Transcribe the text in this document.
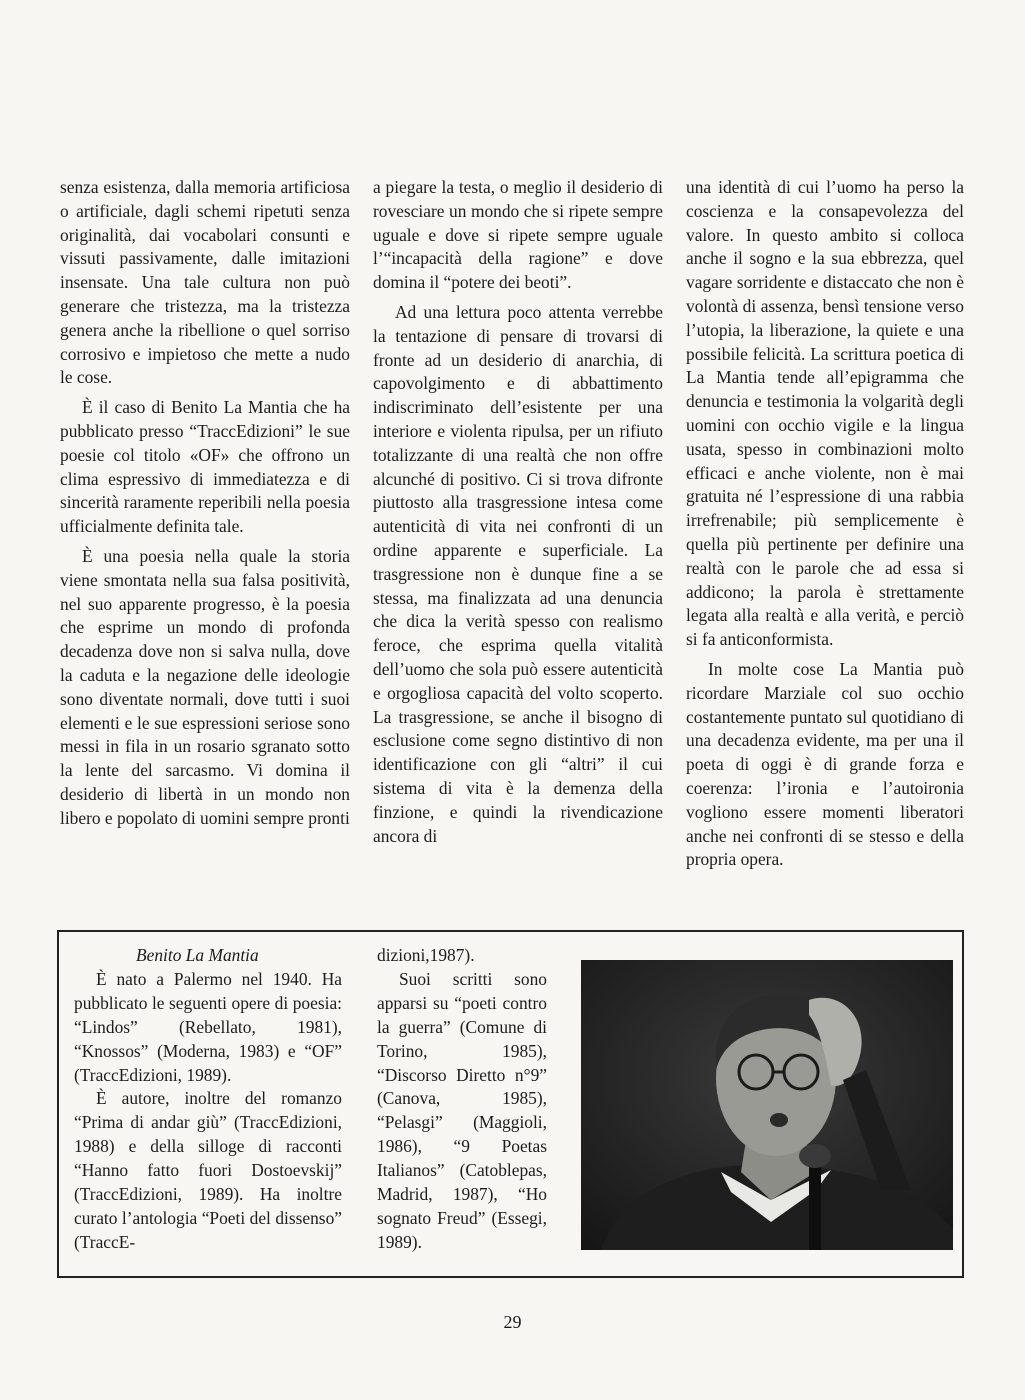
senza esistenza, dalla memoria artificiosa o artificiale, dagli schemi ripetuti senza originalità, dai vocabolari consunti e vissuti passivamente, dalle imitazioni insensate. Una tale cultura non può generare che tristezza, ma la tristezza genera anche la ribellione o quel sorriso corrosivo e impietoso che mette a nudo le cose.

È il caso di Benito La Mantia che ha pubblicato presso “TraccEdizioni” le sue poesie col titolo «OF» che offrono un clima espressivo di immediatezza e di sincerità raramente reperibili nella poesia ufficialmente definita tale.

È una poesia nella quale la storia viene smontata nella sua falsa positività, nel suo apparente progresso, è la poesia che esprime un mondo di profonda decadenza dove non si salva nulla, dove la caduta e la negazione delle ideologie sono diventate normali, dove tutti i suoi elementi e le sue espressioni seriose sono messi in fila in un rosario sgranato sotto la lente del sarcasmo. Vi domina il desiderio di libertà in un mondo non libero e popolato di uomini sempre pronti

a piegare la testa, o meglio il desiderio di rovesciare un mondo che si ripete sempre uguale e dove si ripete sempre uguale l’“incapacità della ragione” e dove domina il “potere dei beoti”.

Ad una lettura poco attenta verrebbe la tentazione di pensare di trovarsi di fronte ad un desiderio di anarchia, di capovolgimento e di abbattimento indiscriminato dell’esistente per una interiore e violenta ripulsa, per un rifiuto totalizzante di una realtà che non offre alcunché di positivo. Ci si trova difronte piuttosto alla trasgressione intesa come autenticità di vita nei confronti di un ordine apparente e superficiale. La trasgressione non è dunque fine a se stessa, ma finalizzata ad una denuncia che dica la verità spesso con realismo feroce, che esprima quella vitalità dell’uomo che sola può essere autenticità e orgogliosa capacità del volto scoperto. La trasgressione, se anche il bisogno di esclusione come segno distintivo di non identificazione con gli “altri” il cui sistema di vita è la demenza della finzione, e quindi la rivendicazione ancora di

una identità di cui l’uomo ha perso la coscienza e la consapevolezza del valore. In questo ambito si colloca anche il sogno e la sua ebbrezza, quel vagare sorridente e distaccato che non è volontà di assenza, bensì tensione verso l’utopia, la liberazione, la quiete e una possibile felicità. La scrittura poetica di La Mantia tende all’epigramma che denuncia e testimonia la volgarità degli uomini con occhio vigile e la lingua usata, spesso in combinazioni molto efficaci e anche violente, non è mai gratuita né l’espressione di una rabbia irrefrenabile; più semplicemente è quella più pertinente per definire una realtà con le parole che ad essa si addicono; la parola è strettamente legata alla realtà e alla verità, e perciò si fa anticonformista.

In molte cose La Mantia può ricordare Marziale col suo occhio costantemente puntato sul quotidiano di una decadenza evidente, ma per una il poeta di oggi è di grande forza e coerenza: l’ironia e l’autoironia vogliono essere momenti liberatori anche nei confronti di se stesso e della propria opera.

Benito La Mantia

È nato a Palermo nel 1940. Ha pubblicato le seguenti opere di poesia: “Lindos” (Rebellato, 1981), “Knossos” (Moderna, 1983) e “OF” (TraccEdizioni, 1989).

È autore, inoltre del romanzo “Prima di andar giù” (TraccEdizioni, 1988) e della silloge di racconti “Hanno fatto fuori Dostoevskij” (TraccEdizioni, 1989). Ha inoltre curato l’antologia “Poeti del dissenso” (TraccE-

dizioni,1987).

Suoi scritti sono apparsi su “poeti contro la guerra” (Comune di Torino, 1985), “Discorso Diretto n°9” (Canova, 1985), “Pelasgi” (Maggioli, 1986), “9 Poetas Italianos” (Catoblepas, Madrid, 1987), “Ho sognato Freud” (Essegi, 1989).

29
